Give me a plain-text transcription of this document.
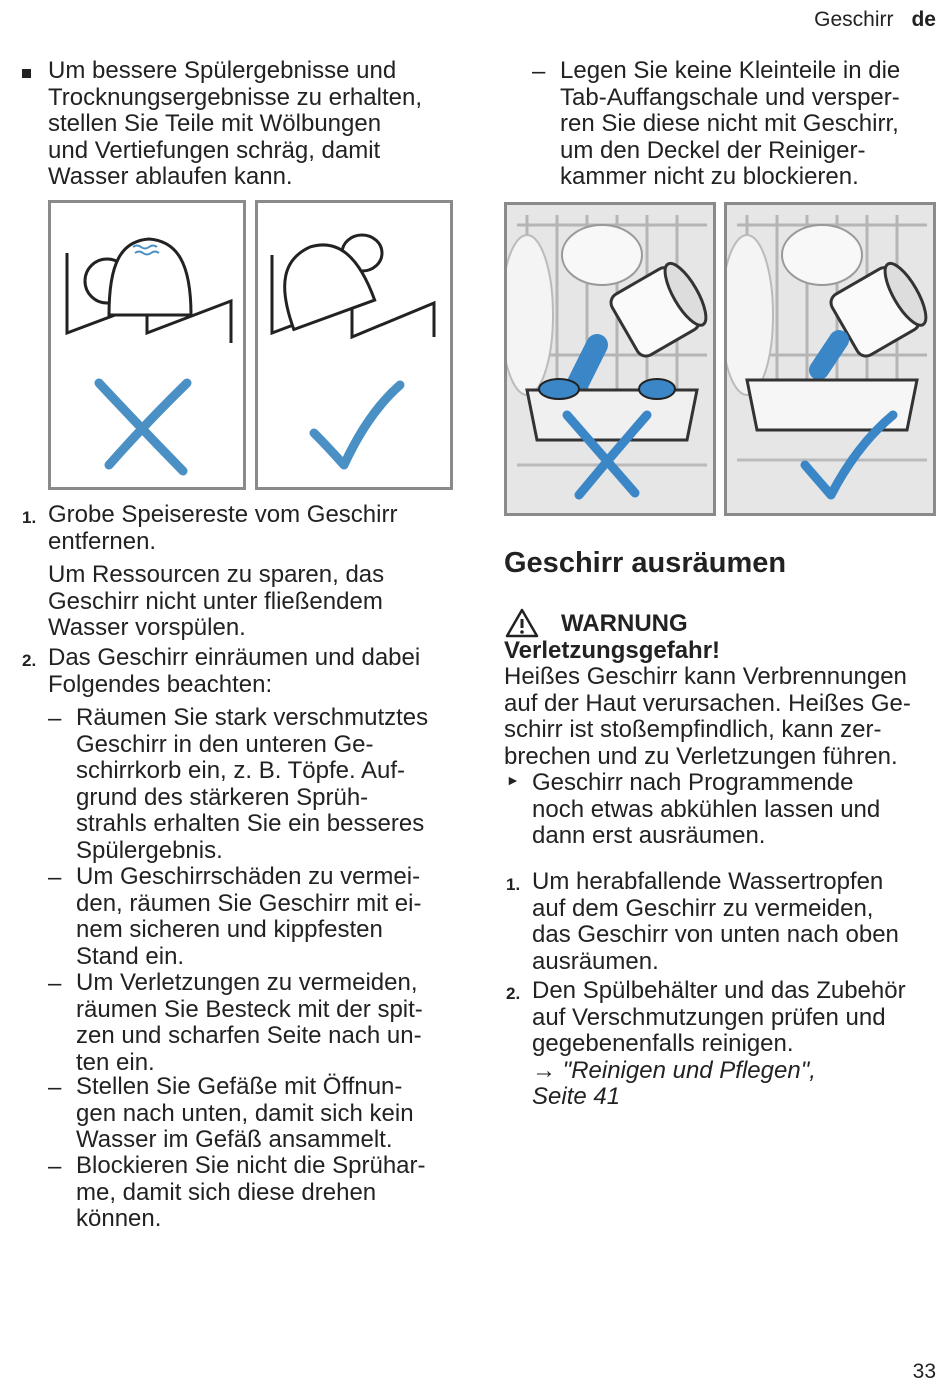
Geschirr de
Um bessere Spülergebnisse und
Trocknungsergebnisse zu erhalten,
stellen Sie Teile mit Wölbungen
und Vertiefungen schräg, damit
Wasser ablaufen kann.
– Legen Sie keine Kleinteile in die
Tab-Auffangschale und versper-
ren Sie diese nicht mit Geschirr,
um den Deckel der Reiniger-
kammer nicht zu blockieren.
1. Grobe Speisereste vom Geschirr
entfernen.
Um Ressourcen zu sparen, das
Geschirr nicht unter fließendem
Wasser vorspülen.
2. Das Geschirr einräumen und dabei
Folgendes beachten:
– Räumen Sie stark verschmutztes
Geschirr in den unteren Ge-
schirrkorb ein, z. B. Töpfe. Auf-
grund des stärkeren Sprüh-
strahls erhalten Sie ein besseres
Spülergebnis.
– Um Geschirrschäden zu vermei-
den, räumen Sie Geschirr mit ei-
nem sicheren und kippfesten
Stand ein.
– Um Verletzungen zu vermeiden,
räumen Sie Besteck mit der spit-
zen und scharfen Seite nach un-
ten ein.
– Stellen Sie Gefäße mit Öffnun-
gen nach unten, damit sich kein
Wasser im Gefäß ansammelt.
– Blockieren Sie nicht die Sprühar-
me, damit sich diese drehen
können.
Geschirr ausräumen
WARNUNG
Verletzungsgefahr!
Heißes Geschirr kann Verbrennungen
auf der Haut verursachen. Heißes Ge-
schirr ist stoßempfindlich, kann zer-
brechen und zu Verletzungen führen.
► Geschirr nach Programmende
noch etwas abkühlen lassen und
dann erst ausräumen.
1. Um herabfallende Wassertropfen
auf dem Geschirr zu vermeiden,
das Geschirr von unten nach oben
ausräumen.
2. Den Spülbehälter und das Zubehör
auf Verschmutzungen prüfen und
gegebenenfalls reinigen.
→ "Reinigen und Pflegen",
Seite 41
33
